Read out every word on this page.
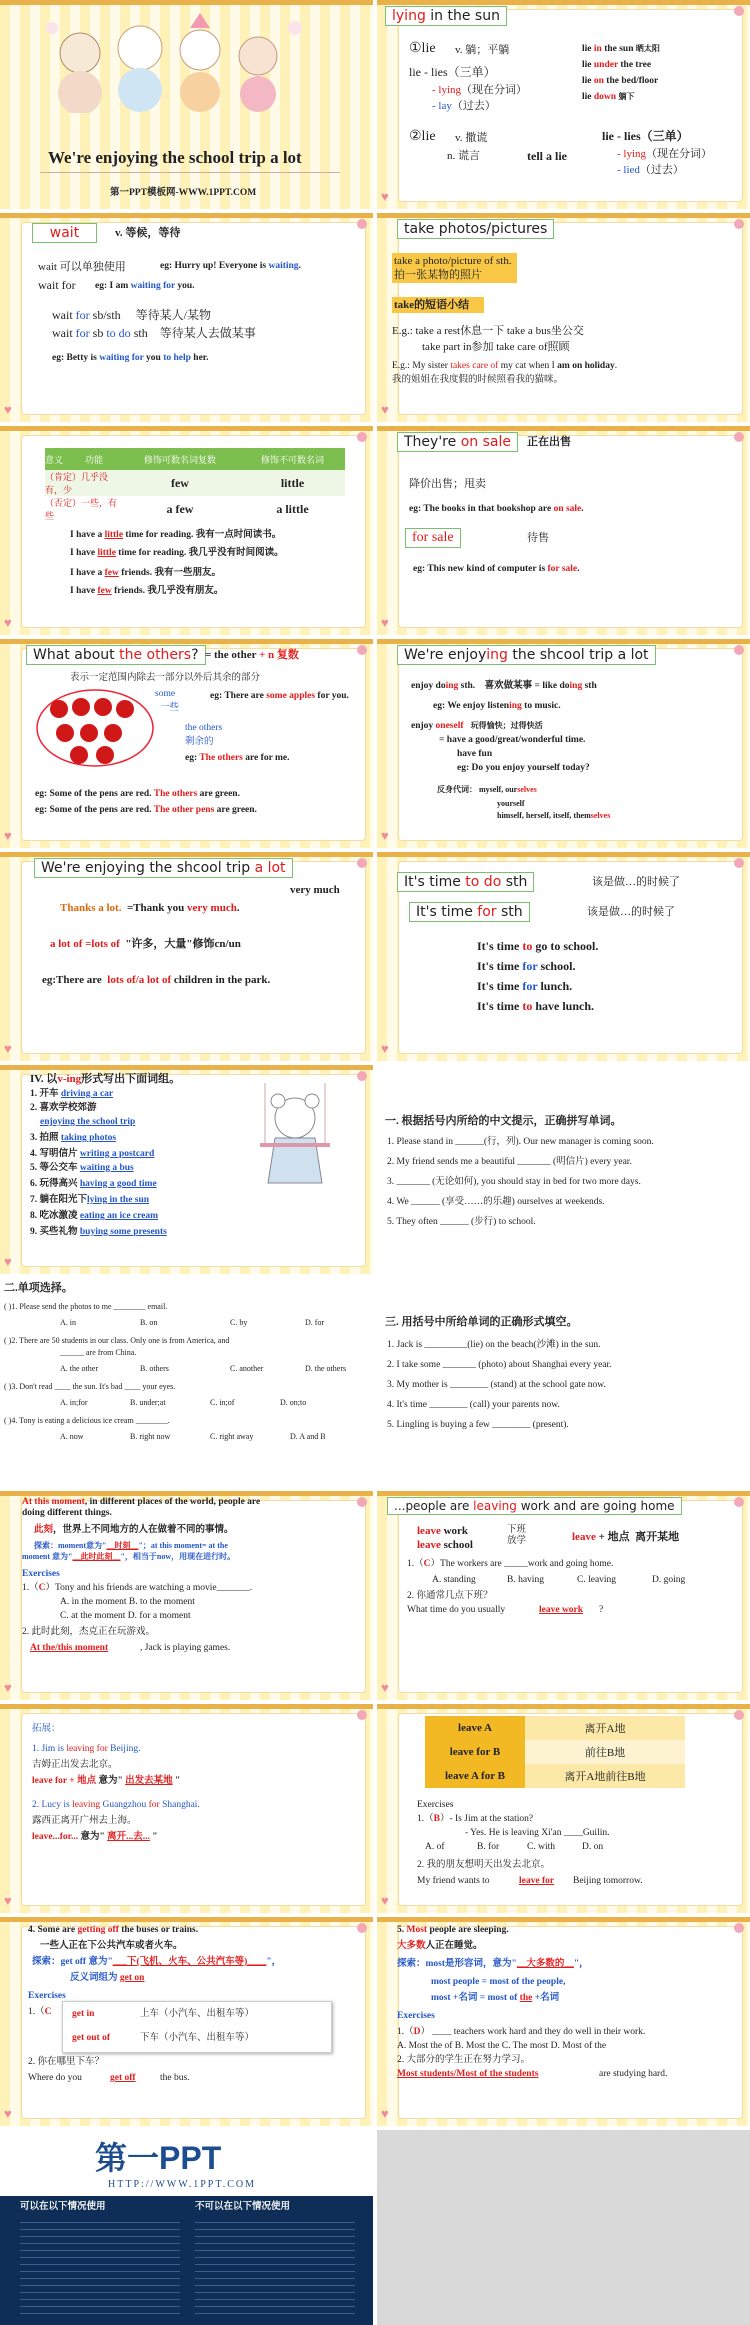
We're enjoying the school trip a lot
第一PPT模板网-WWW.1PPT.COM
lying in the sun
①lie v. 躺；平躺
lie - lies（三单）
- lying（现在分词）
- lay（过去）
lie in the sun 晒太阳
lie under the tree
lie on the bed/floor
lie down 躺下
②lie v. 撒谎
n. 谎言	tell a lie
lie - lies（三单）
- lying（现在分词）
- lied（过去）
♥
wait	v. 等候，等待
wait 可以单独使用	eg: Hurry up! Everyone is waiting.
wait for eg: I am waiting for you.
wait for sb/sth     等待某人/某物
wait for sb to do sth    等待某人去做某事
eg: Betty is waiting for you to help her.
♥
take photos/pictures
take a photo/picture of sth.
拍一张某物的照片
take的短语小结
E.g.: take a rest休息一下 take a bus坐公交
take part in参加 take care of照顾
E.g.: My sister takes care of my cat when I am on holiday.
我的姐姐在我度假的时候照看我的猫咪。
♥
意义	功能	修饰可数名词复数	修饰不可数名词
（肯定）几乎没有，少		few	little
（否定）一些，有些		a few	a little
I have a little time for reading. 我有一点时间读书。
I have little time for reading. 我几乎没有时间阅读。
I have a few friends. 我有一些朋友。
I have few friends. 我几乎没有朋友。
♥
They're on sale	正在出售
降价出售；甩卖
eg: The books in that bookshop are on sale.
for sale	待售
eg: This new kind of computer is for sale.
♥
What about the others? = the other + n 复数
表示一定范围内除去一部分以外后其余的部分
some
一些
eg: There are some apples for you.
the others
剩余的
eg: The others are for me.
eg: Some of the pens are red. The others are green.
eg: Some of the pens are red. The other pens are green.
♥
We're enjoying the shcool trip a lot
enjoy doing sth.    喜欢做某事 = like doing sth
eg: We enjoy listening to music.
enjoy oneself 玩得愉快；过得快活
= have a good/great/wonderful time.
have fun
eg: Do you enjoy yourself today?
反身代词： myself, ourselves
yourself
himself, herself, itself, themselves
♥
We're enjoying the shcool trip a lot
very much
Thanks a lot.  =Thank you very much.
a lot of =lots of  "许多，大量"修饰cn/un
eg:There are  lots of/a lot of children in the park.
♥
It's time to do sth	该是做…的时候了
It's time for sth	该是做…的时候了
It's time to go to school.
It's time for school.
It's time for lunch.
It's time to have lunch.
♥
IV. 以v-ing形式写出下面词组。
1. 开车 driving a car
2. 喜欢学校郊游
enjoying the school trip
3. 拍照 taking photos
4. 写明信片 writing a postcard
5. 等公交车 waiting a bus
6. 玩得高兴 having a good time
7. 躺在阳光下lying in the sun
8. 吃冰激凌 eating an ice cream
9. 买些礼物 buying some presents
♥
一. 根据括号内所给的中文提示，正确拼写单词。
1. Please stand in ______(行，列). Our new manager is coming soon.
2. My friend sends me a beautiful _______ (明信片) every year.
3. _______ (无论如何), you should stay in bed for two more days.
4. We ______ (享受……的乐趣) ourselves at weekends.
5. They often ______ (步行) to school.
二.单项选择。
( )1. Please send the photos to me ________ email.
A. in	B. on	C. by	D. for
( )2. There are 50 students in our class. Only one is from America, and
______ are from China.
A. the other	B. others	C. another	D. the others
( )3. Don't read ____ the sun. It's bad ____ your eyes.
A. in;for	B. under;at	C. in;of	D. on;to
( )4. Tony is eating a delicious ice cream ________.
A. now	B. right now	C. right away	D. A and B
三. 用括号中所给单词的正确形式填空。
1. Jack is _________(lie) on the beach(沙滩) in the sun.
2. I take some _______ (photo) about Shanghai every year.
3. My mother is ________ (stand) at the school gate now.
4. It's time ________ (call) your parents now.
5. Lingling is buying a few ________ (present).
At this moment, in different places of the world, people are
doing different things.
此刻，世界上不同地方的人在做着不同的事情。
探索：moment意为"__时刻__"；at this moment= at the
moment 意为"__此时此刻__"，相当于now，用现在进行时。
Exercises
1.（C）Tony and his friends are watching a movie_______.
A. in the moment B. to the moment
C. at the moment D. for a moment
2. 此时此刻，杰克正在玩游戏。
At the/this moment	, Jack is playing games.
♥
...people are leaving work and are going home
leave work
leave school
下班
放学	leave + 地点  离开某地
1.（C）The workers are _____work and going home.
A. standing	B. having	C. leaving	D. going
2. 你通常几点下班？
What time do you usually	leave work ?
♥
拓展：
1. Jim is leaving for Beijing.
吉姆正出发去北京。
leave for + 地点 意为" 出发去某地 "
2. Lucy is leaving Guangzhou for Shanghai.
露西正离开广州去上海。
leave...for... 意为" 离开...去... "
♥
leave A	离开A地
leave for B	前往B地
leave A for B	离开A地前往B地
Exercises
1.（B）- Is Jim at the station?
- Yes. He is leaving Xi'an ____Guilin.
A. of	B. for	C. with	D. on
2. 我的朋友想明天出发去北京。
My friend wants to	leave for Beijing tomorrow.
♥
4. Some are getting off the buses or trains.
一些人正在下公共汽车或者火车。
探索：get off 意为"___下(飞机、火车、公共汽车等)____"，
反义词组为 get on
Exercises
1.（C get in	上车（小汽车、出租车等）
get out of	下车（小汽车、出租车等）
2. 你在哪里下车？
Where do you	get off	the bus.
♥
5. Most people are sleeping.
大多数人正在睡觉。
探索：most是形容词，意为"__大多数的__"，
most people = most of the people,
most +名词 = most of the +名词
Exercises
1.（D） ____ teachers work hard and they do well in their work.
A. Most the of B. Most the C. The most D. Most of the
2. 大部分的学生正在努力学习。
Most students/Most of the students	are studying hard.
♥
第一PPT
HTTP://WWW.1PPT.COM
可以在以下情况使用	不可以在以下情况使用
